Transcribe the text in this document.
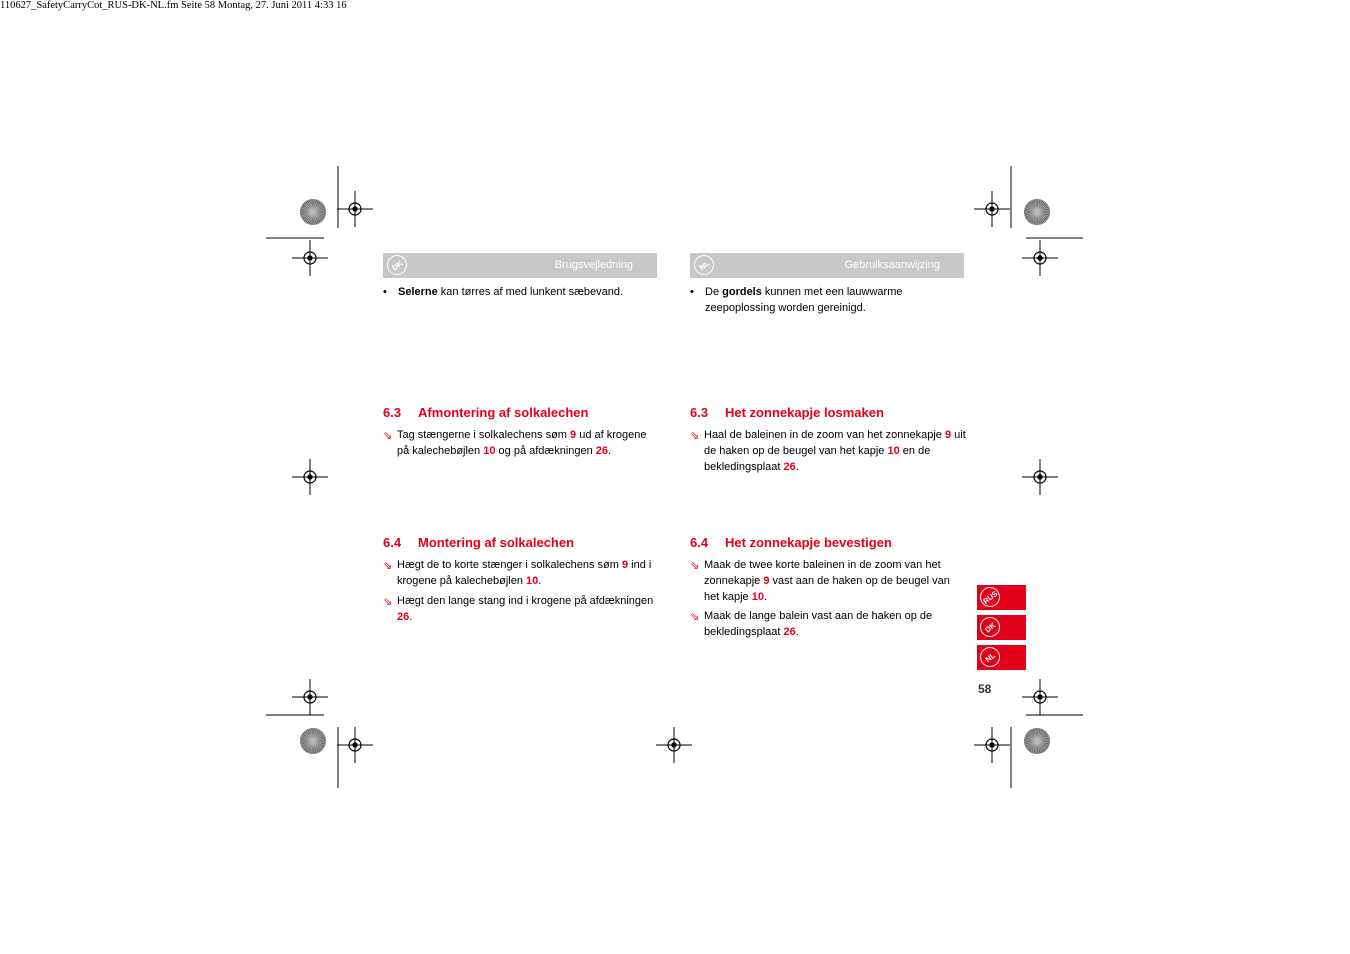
110627_SafetyCarryCot_RUS-DK-NL.fm Seite 58 Montag, 27. Juni 2011 4:33 16
DK	Brugsvejledning
•	Selerne kan tørres af med lunkent sæbevand.
6.3 Afmontering af solkalechen
⇘ Tag stængerne i solkalechens søm 9 ud af krogene på kalechebøjlen 10 og på afdækningen 26.
6.4 Montering af solkalechen
⇘ Hægt de to korte stænger i solkalechens søm 9 ind i krogene på kalechebøjlen 10.
⇘ Hægt den lange stang ind i krogene på afdækningen 26.
NL	Gebruiksaanwijzing
•	De gordels kunnen met een lauwwarme zeepoplossing worden gereinigd.
6.3 Het zonnekapje losmaken
⇘ Haal de baleinen in de zoom van het zonnekapje 9 uit de haken op de beugel van het kapje 10 en de bekledingsplaat 26.
6.4 Het zonnekapje bevestigen
⇘ Maak de twee korte baleinen in de zoom van het zonnekapje 9 vast aan de haken op de beugel van het kapje 10.
⇘ Maak de lange balein vast aan de haken op de bekledingsplaat 26.
RUS
DK
NL
58
